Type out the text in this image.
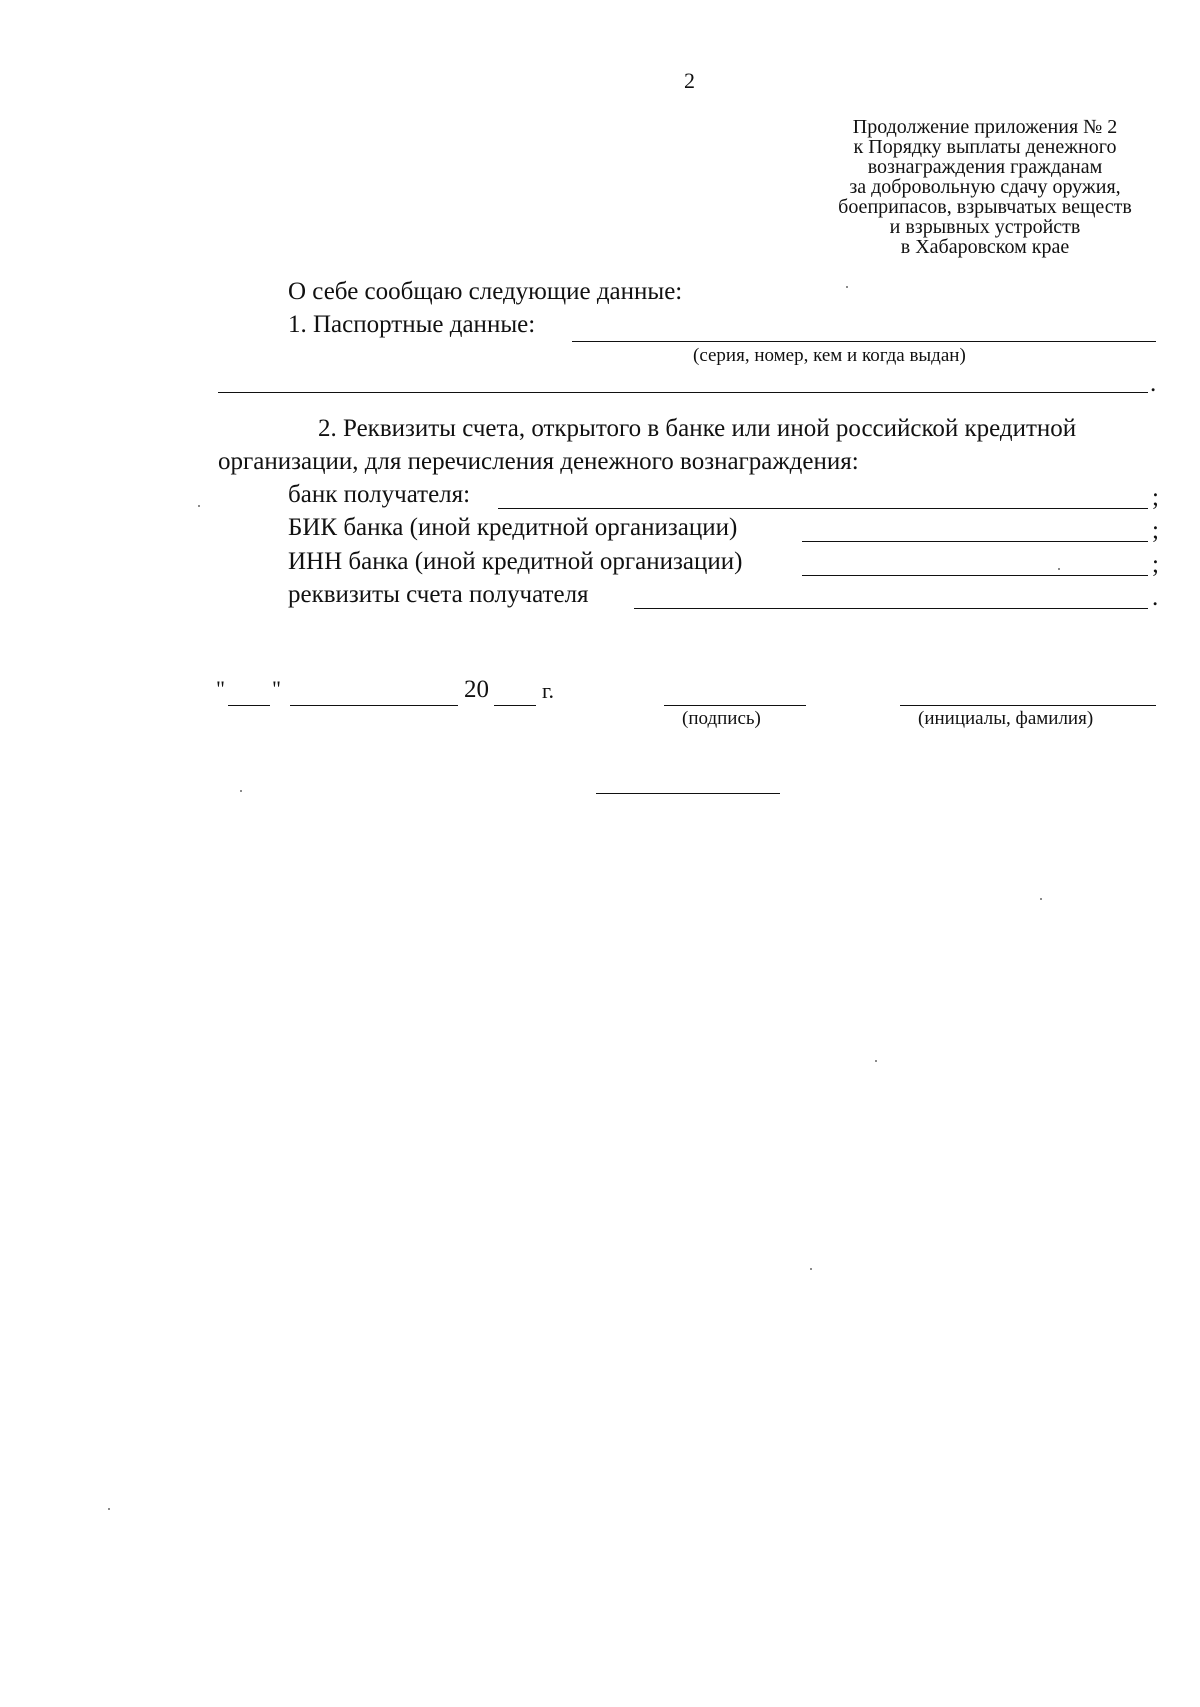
2
Продолжение приложения № 2
к Порядку выплаты денежного
вознаграждения гражданам
за добровольную сдачу оружия,
боеприпасов, взрывчатых веществ
и взрывных устройств
в Хабаровском крае
О себе сообщаю следующие данные:
1. Паспортные данные:
(серия, номер, кем и когда выдан)
.
2. Реквизиты счета, открытого в банке или иной российской кредитной
организации, для перечисления денежного вознаграждения:
банк получателя:	;
БИК банка (иной кредитной организации)	;
ИНН банка (иной кредитной организации)	;
реквизиты счета получателя	.
" "	20 г.
(подпись)	(инициалы, фамилия)
